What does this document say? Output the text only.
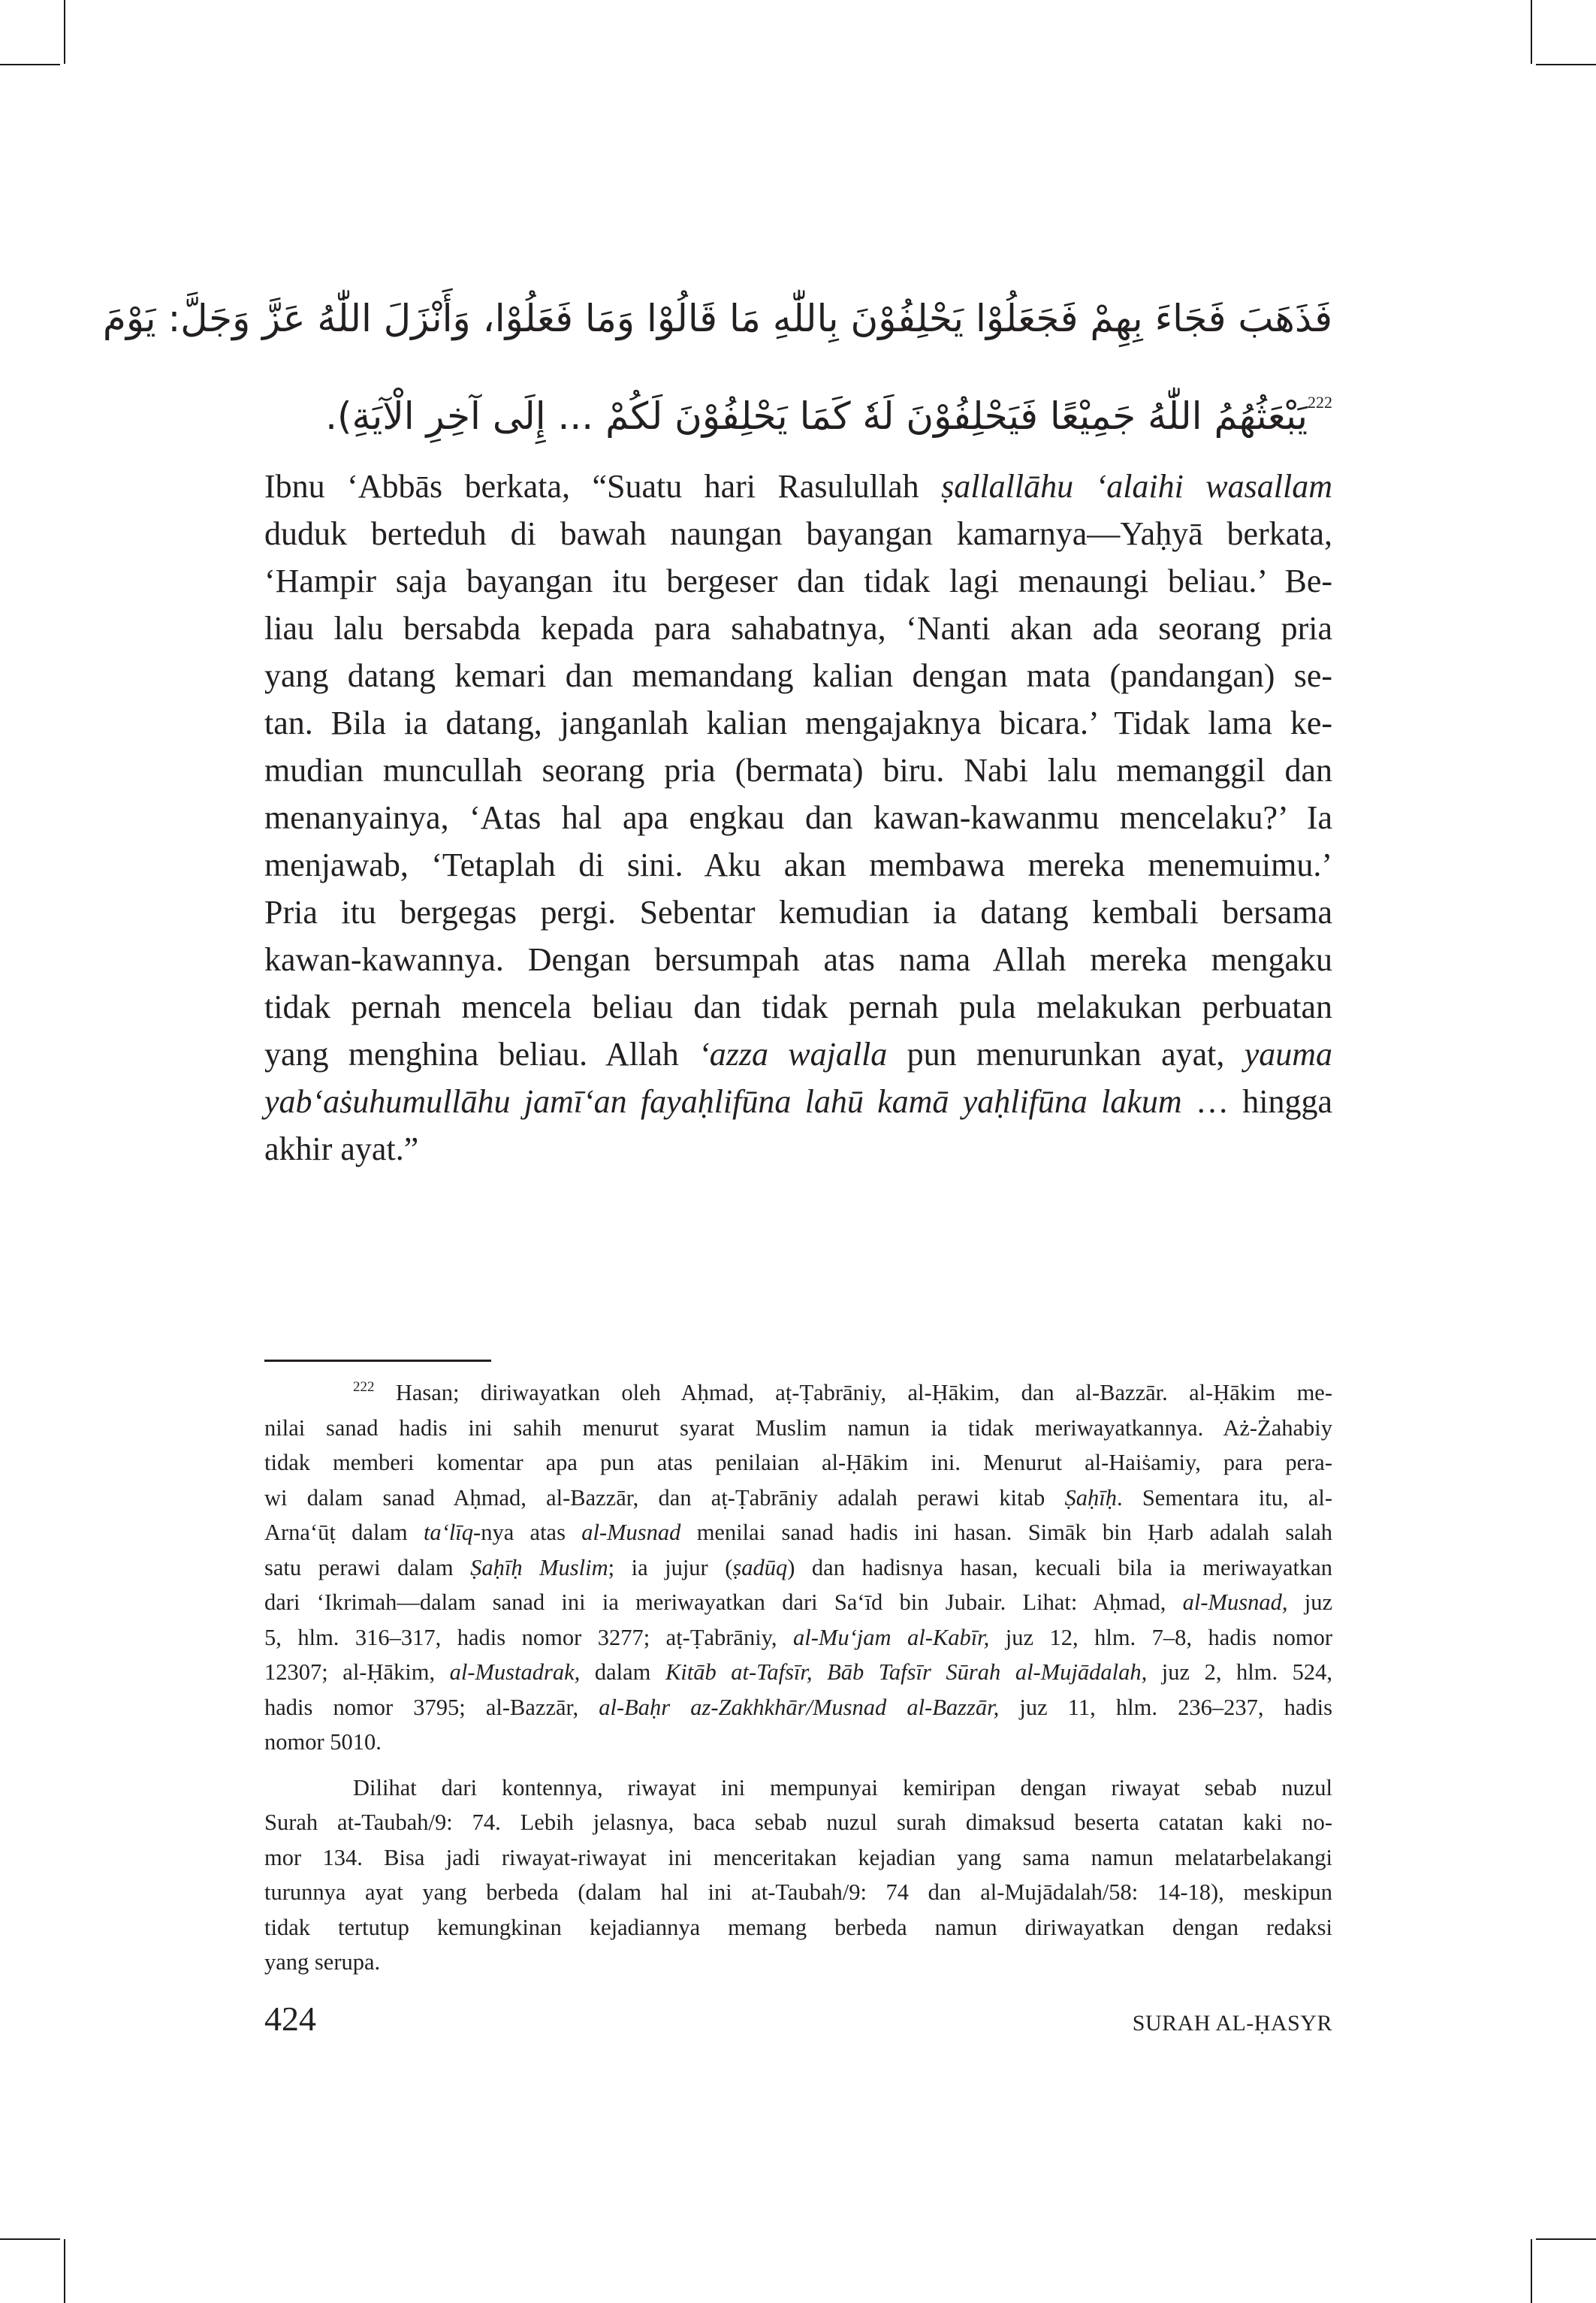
فَذَهَبَ فَجَاءَ بِهِمْ فَجَعَلُوْا يَحْلِفُوْنَ بِاللّٰهِ مَا قَالُوْا وَمَا فَعَلُوْا، وَأَنْزَلَ اللّٰهُ عَزَّ وَجَلَّ: يَوْمَ
$^{222}$يَبْعَثُهُمُ اللّٰهُ جَمِيْعًا فَيَحْلِفُوْنَ لَهٗ كَمَا يَحْلِفُوْنَ لَكُمْ ... إِلَى آخِرِ الْآيَةِ).
Ibnu ʻAbbās berkata, “Suatu hari Rasulullah ṣallallāhu ʻalaihi wasallam
duduk berteduh di bawah naungan bayangan kamarnya—Yaḥyā berkata,
‘Hampir saja bayangan itu bergeser dan tidak lagi menaungi beliau.’ Be-
liau lalu bersabda kepada para sahabatnya, ‘Nanti akan ada seorang pria
yang datang kemari dan memandang kalian dengan mata (pandangan) se-
tan. Bila ia datang, janganlah kalian mengajaknya bicara.’ Tidak lama ke-
mudian muncullah seorang pria (bermata) biru. Nabi lalu memanggil dan
menanyainya, ‘Atas hal apa engkau dan kawan-kawanmu mencelaku?’ Ia
menjawab, ‘Tetaplah di sini. Aku akan membawa mereka menemuimu.’
Pria itu bergegas pergi. Sebentar kemudian ia datang kembali bersama
kawan-kawannya. Dengan bersumpah atas nama Allah mereka mengaku
tidak pernah mencela beliau dan tidak pernah pula melakukan perbuatan
yang menghina beliau. Allah ʻazza wajalla pun menurunkan ayat, yauma
yabʻaṡuhumullāhu jamīʻan fayaḥlifūna lahū kamā yaḥlifūna lakum … hingga
akhir ayat.”
$^{222}$ Hasan; diriwayatkan oleh Aḥmad, aṭ-Ṭabrāniy, al-Ḥākim, dan al-Bazzār. al-Ḥākim me-
nilai sanad hadis ini sahih menurut syarat Muslim namun ia tidak meriwayatkannya. Aż-Żahabiy
tidak memberi komentar apa pun atas penilaian al-Ḥākim ini. Menurut al-Haiṡamiy, para pera-
wi dalam sanad Aḥmad, al-Bazzār, dan aṭ-Ṭabrāniy adalah perawi kitab Ṣaḥīḥ. Sementara itu, al-
Arnaʻūṭ dalam taʻlīq-nya atas al-Musnad menilai sanad hadis ini hasan. Simāk bin Ḥarb adalah salah
satu perawi dalam Ṣaḥīḥ Muslim; ia jujur (ṣadūq) dan hadisnya hasan, kecuali bila ia meriwayatkan
dari ʻIkrimah—dalam sanad ini ia meriwayatkan dari Saʻīd bin Jubair. Lihat: Aḥmad, al-Musnad, juz
5, hlm. 316–317, hadis nomor 3277; aṭ-Ṭabrāniy, al-Muʻjam al-Kabīr, juz 12, hlm. 7–8, hadis nomor
12307; al-Ḥākim, al-Mustadrak, dalam Kitāb at-Tafsīr, Bāb Tafsīr Sūrah al-Mujādalah, juz 2, hlm. 524,
hadis nomor 3795; al-Bazzār, al-Baḥr az-Zakhkhār/Musnad al-Bazzār, juz 11, hlm. 236–237, hadis
nomor 5010.
Dilihat dari kontennya, riwayat ini mempunyai kemiripan dengan riwayat sebab nuzul
Surah at-Taubah/9: 74. Lebih jelasnya, baca sebab nuzul surah dimaksud beserta catatan kaki no-
mor 134. Bisa jadi riwayat-riwayat ini menceritakan kejadian yang sama namun melatarbelakangi
turunnya ayat yang berbeda (dalam hal ini at-Taubah/9: 74 dan al-Mujādalah/58: 14-18), meskipun
tidak tertutup kemungkinan kejadiannya memang berbeda namun diriwayatkan dengan redaksi
yang serupa.
424	SURAH AL-ḤASYR
